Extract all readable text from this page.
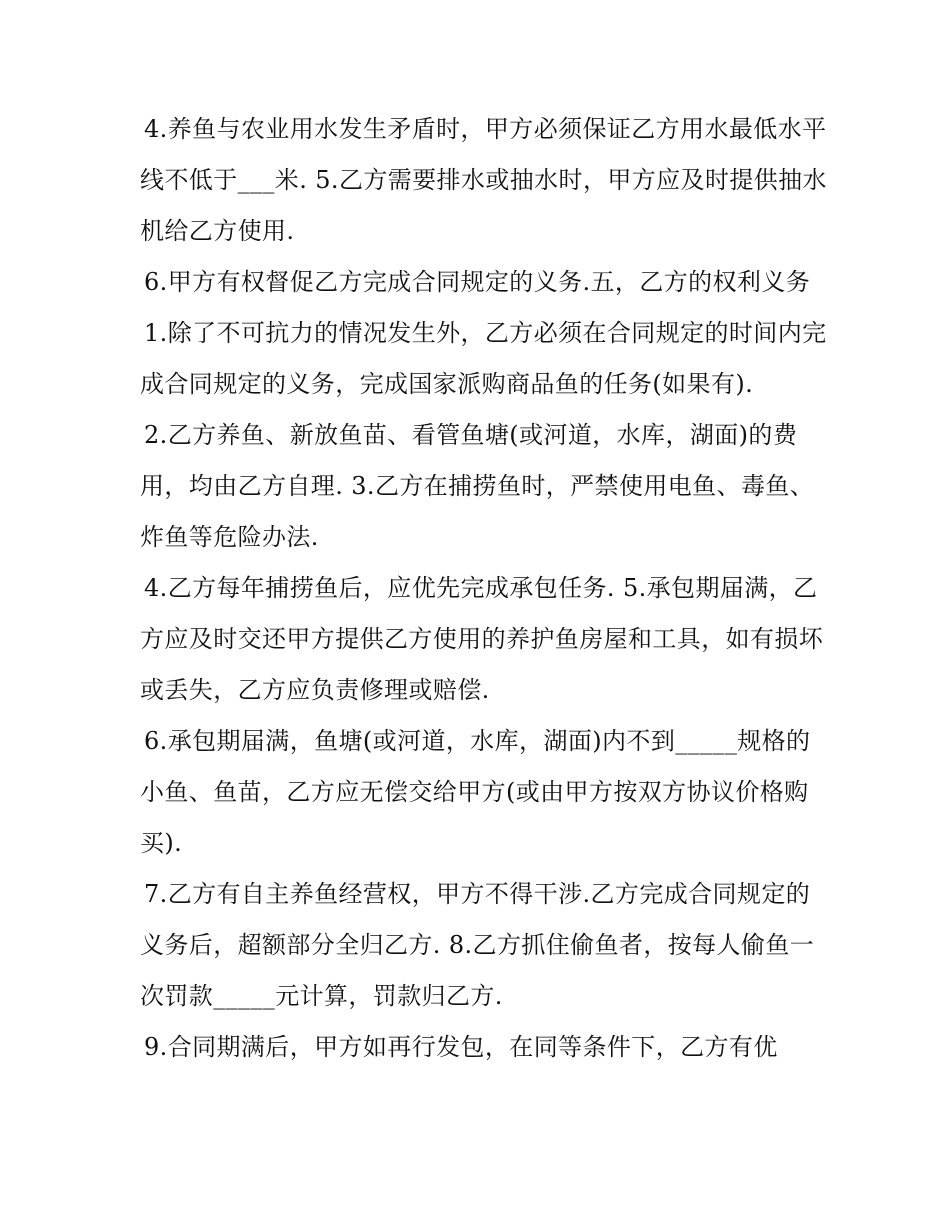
4.养鱼与农业用水发生矛盾时，甲方必须保证乙方用水最低水平线不低于___米. 5.乙方需要排水或抽水时，甲方应及时提供抽水机给乙方使用.

6.甲方有权督促乙方完成合同规定的义务.五，乙方的权利义务

1.除了不可抗力的情况发生外，乙方必须在合同规定的时间内完成合同规定的义务，完成国家派购商品鱼的任务(如果有).

2.乙方养鱼、新放鱼苗、看管鱼塘(或河道，水库，湖面)的费用，均由乙方自理. 3.乙方在捕捞鱼时，严禁使用电鱼、毒鱼、炸鱼等危险办法.

4.乙方每年捕捞鱼后，应优先完成承包任务. 5.承包期届满，乙方应及时交还甲方提供乙方使用的养护鱼房屋和工具，如有损坏或丢失，乙方应负责修理或赔偿.

6.承包期届满，鱼塘(或河道，水库，湖面)内不到_____规格的小鱼、鱼苗，乙方应无偿交给甲方(或由甲方按双方协议价格购买).

7.乙方有自主养鱼经营权，甲方不得干涉.乙方完成合同规定的义务后，超额部分全归乙方. 8.乙方抓住偷鱼者，按每人偷鱼一次罚款_____元计算，罚款归乙方.

9.合同期满后，甲方如再行发包，在同等条件下，乙方有优
